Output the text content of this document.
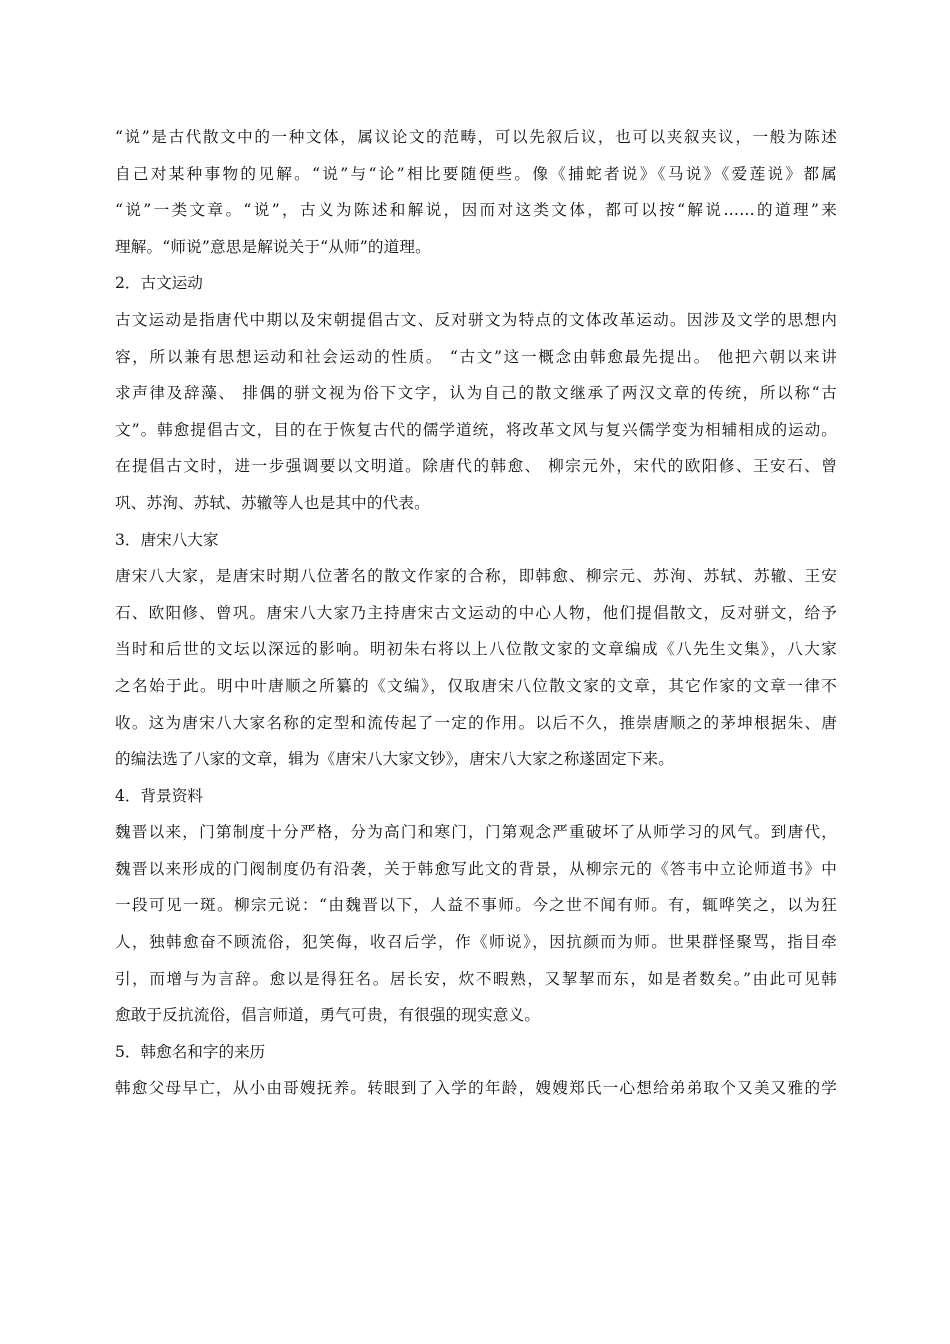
“说”是古代散文中的一种文体，属议论文的范畴，可以先叙后议，也可以夹叙夹议，一般为陈述
自己对某种事物的见解。“说”与“论”相比要随便些。像《捕蛇者说》《马说》《爱莲说》都属
“说”一类文章。“说”，古义为陈述和解说，因而对这类文体，都可以按“解说……的道理”来
理解。“师说”意思是解说关于“从师”的道理。
2．古文运动
古文运动是指唐代中期以及宋朝提倡古文、反对骈文为特点的文体改革运动。因涉及文学的思想内
容，所以兼有思想运动和社会运动的性质。 “古文”这一概念由韩愈最先提出。 他把六朝以来讲
求声律及辞藻、 排偶的骈文视为俗下文字，认为自己的散文继承了两汉文章的传统，所以称“古
文”。韩愈提倡古文，目的在于恢复古代的儒学道统，将改革文风与复兴儒学变为相辅相成的运动。
在提倡古文时，进一步强调要以文明道。除唐代的韩愈、 柳宗元外，宋代的欧阳修、王安石、曾
巩、苏洵、苏轼、苏辙等人也是其中的代表。
3．唐宋八大家
唐宋八大家，是唐宋时期八位著名的散文作家的合称，即韩愈、柳宗元、苏洵、苏轼、苏辙、王安
石、欧阳修、曾巩。唐宋八大家乃主持唐宋古文运动的中心人物，他们提倡散文，反对骈文，给予
当时和后世的文坛以深远的影响。明初朱右将以上八位散文家的文章编成《八先生文集》，八大家
之名始于此。明中叶唐顺之所纂的《文编》，仅取唐宋八位散文家的文章，其它作家的文章一律不
收。这为唐宋八大家名称的定型和流传起了一定的作用。以后不久，推崇唐顺之的茅坤根据朱、唐
的编法选了八家的文章，辑为《唐宋八大家文钞》，唐宋八大家之称遂固定下来。
4．背景资料
魏晋以来，门第制度十分严格，分为高门和寒门，门第观念严重破坏了从师学习的风气。到唐代，
魏晋以来形成的门阀制度仍有沿袭，关于韩愈写此文的背景，从柳宗元的《答韦中立论师道书》中
一段可见一斑。柳宗元说：“由魏晋以下，人益不事师。今之世不闻有师。有，辄哗笑之，以为狂
人，独韩愈奋不顾流俗，犯笑侮，收召后学，作《师说》，因抗颜而为师。世果群怪聚骂，指目牵
引，而增与为言辞。愈以是得狂名。居长安，炊不暇熟，又挈挈而东，如是者数矣。”由此可见韩
愈敢于反抗流俗，倡言师道，勇气可贵，有很强的现实意义。
5．韩愈名和字的来历
韩愈父母早亡，从小由哥嫂抚养。转眼到了入学的年龄，嫂嫂郑氏一心想给弟弟取个又美又雅的学
